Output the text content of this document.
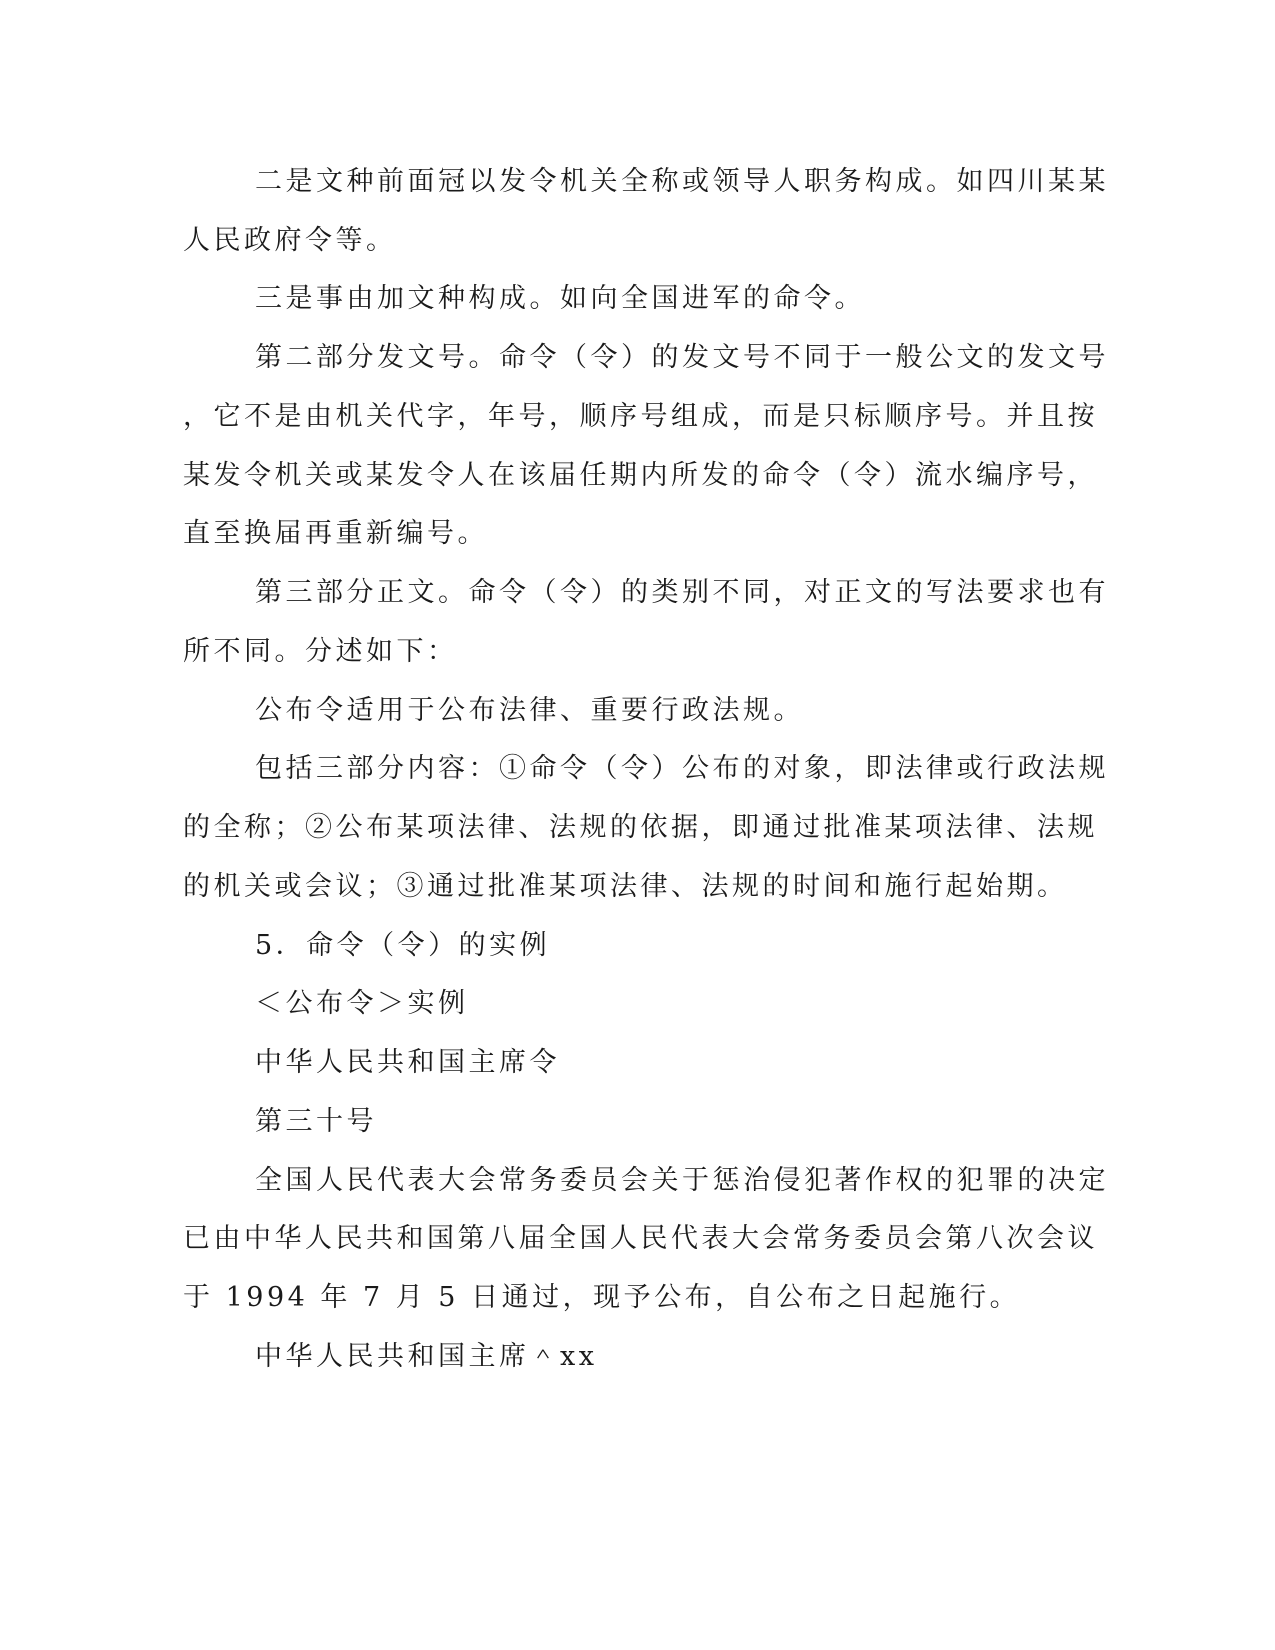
二是文种前面冠以发令机关全称或领导人职务构成。如四川某某
人民政府令等。
三是事由加文种构成。如向全国进军的命令。
第二部分发文号。命令（令）的发文号不同于一般公文的发文号
，它不是由机关代字，年号，顺序号组成，而是只标顺序号。并且按
某发令机关或某发令人在该届任期内所发的命令（令）流水编序号，
直至换届再重新编号。
第三部分正文。命令（令）的类别不同，对正文的写法要求也有
所不同。分述如下：
公布令适用于公布法律、重要行政法规。
包括三部分内容：①命令（令）公布的对象，即法律或行政法规
的全称；②公布某项法律、法规的依据，即通过批准某项法律、法规
的机关或会议；③通过批准某项法律、法规的时间和施行起始期。
5．命令（令）的实例
＜公布令＞实例
中华人民共和国主席令
第三十号
全国人民代表大会常务委员会关于惩治侵犯著作权的犯罪的决定
已由中华人民共和国第八届全国人民代表大会常务委员会第八次会议
于 1994 年 7 月 5 日通过，现予公布，自公布之日起施行。
中华人民共和国主席＾xx
